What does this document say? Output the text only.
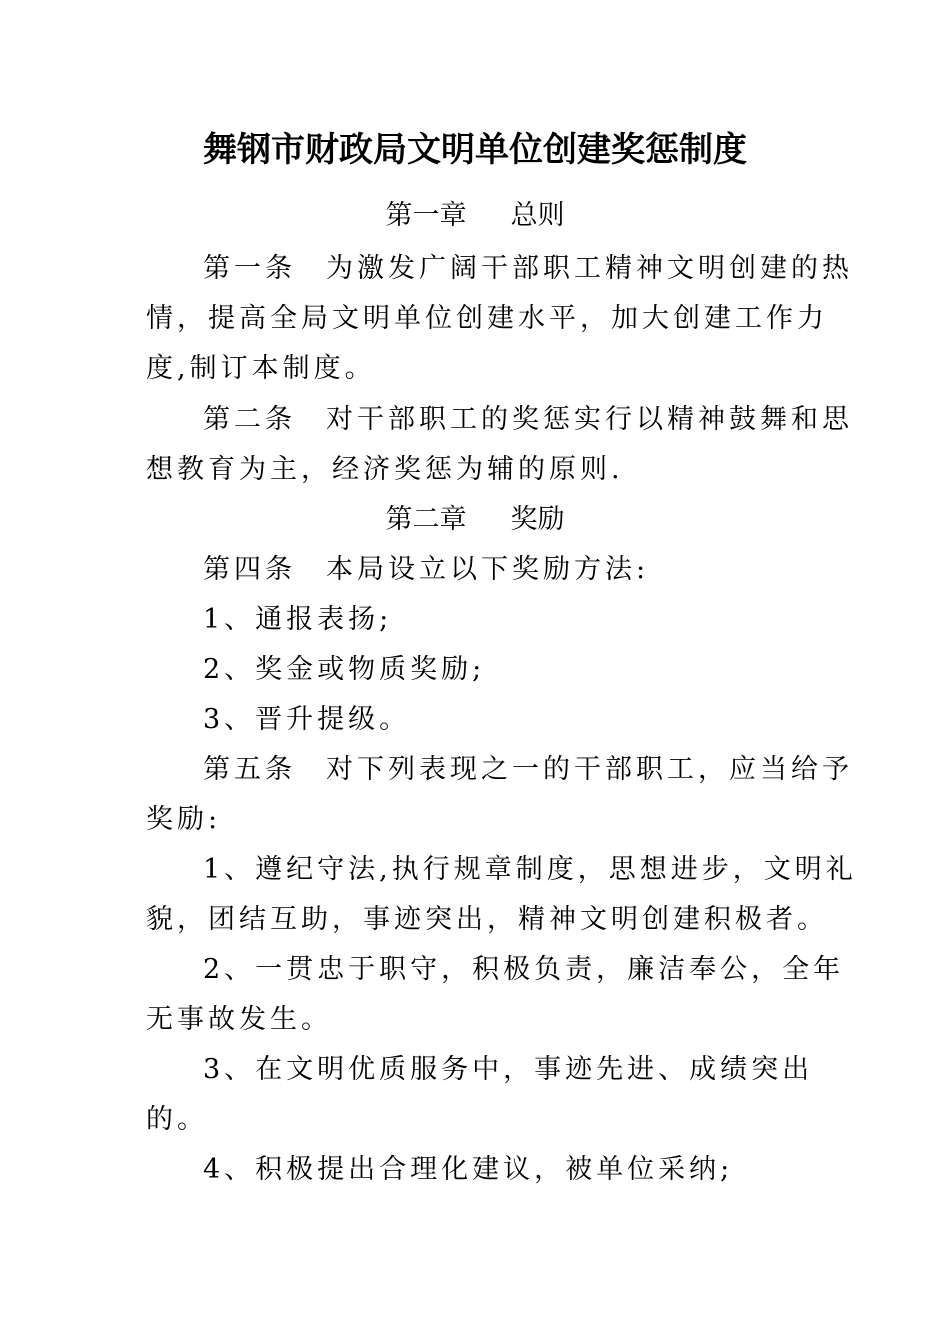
舞钢市财政局文明单位创建奖惩制度
第一章 总则
第一条 为激发广阔干部职工精神文明创建的热
情，提高全局文明单位创建水平，加大创建工作力
度,制订本制度。
第二条 对干部职工的奖惩实行以精神鼓舞和思
想教育为主，经济奖惩为辅的原则.
第二章 奖励
第四条 本局设立以下奖励方法:
1、通报表扬;
2、奖金或物质奖励;
3、晋升提级。
第五条 对下列表现之一的干部职工，应当给予
奖励:
1、遵纪守法,执行规章制度，思想进步，文明礼
貌，团结互助，事迹突出，精神文明创建积极者。
2、一贯忠于职守，积极负责，廉洁奉公，全年
无事故发生。
3、在文明优质服务中，事迹先进、成绩突出
的。
4、积极提出合理化建议，被单位采纳;
